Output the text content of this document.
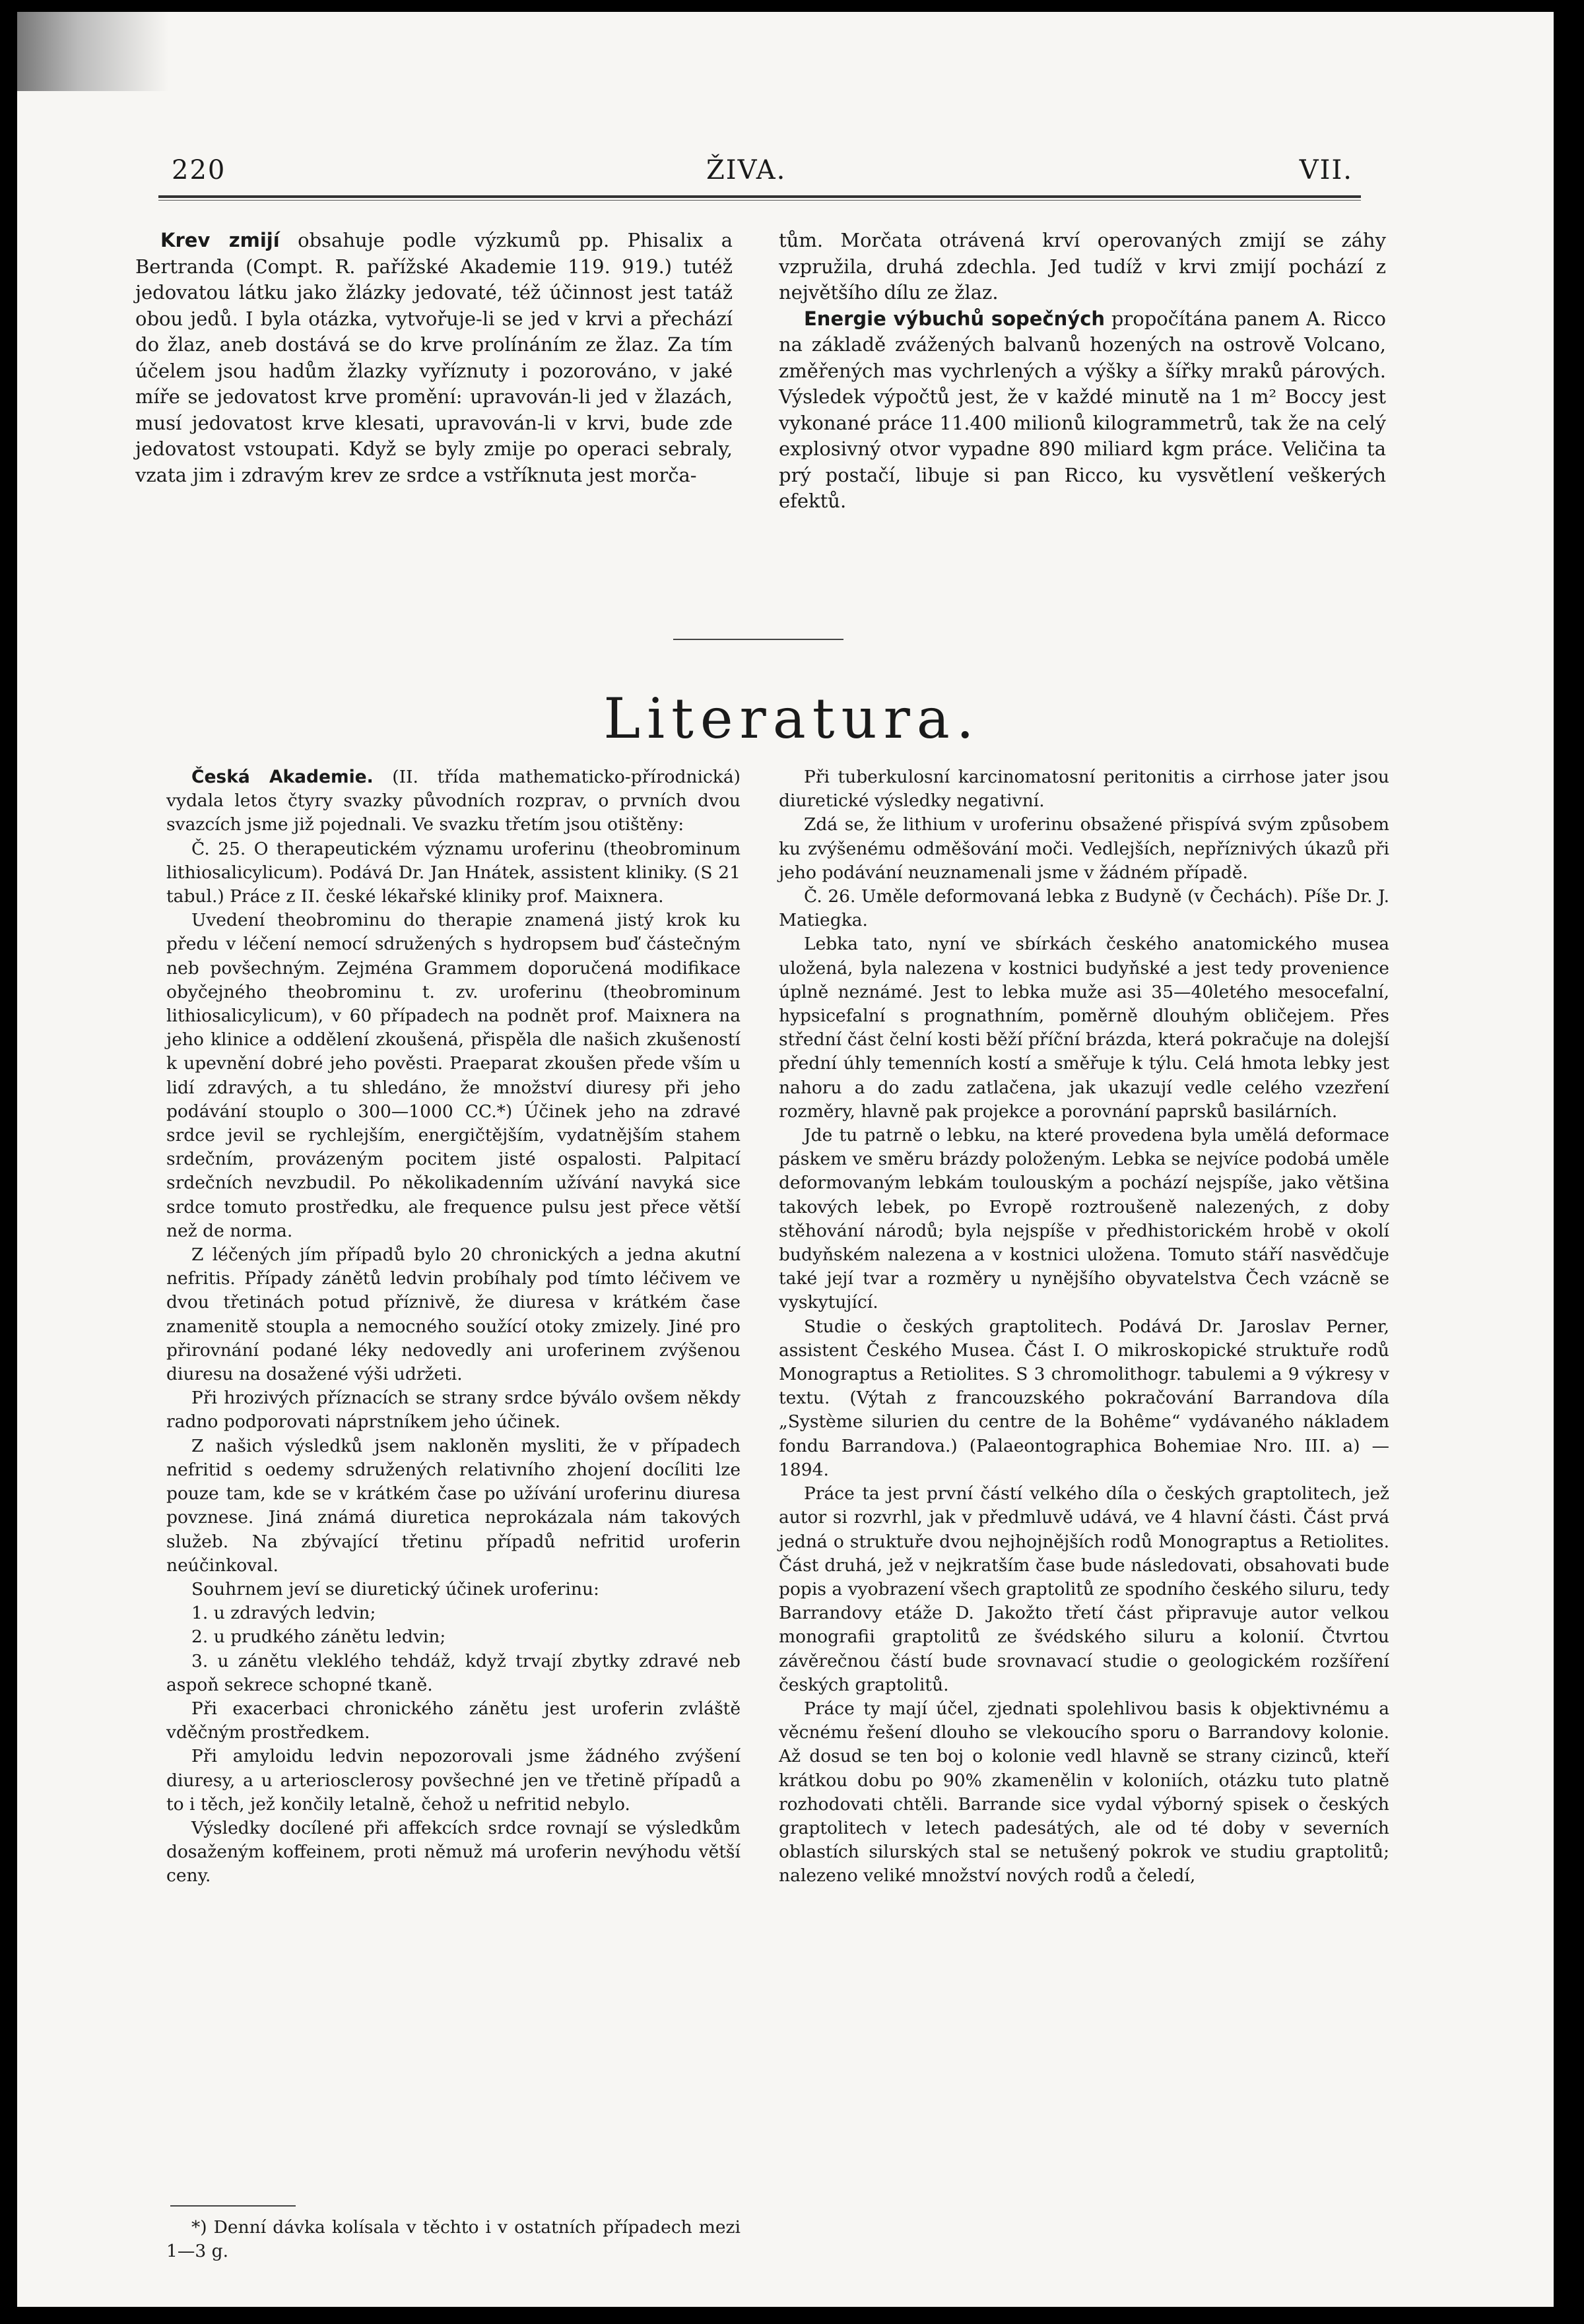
220	ŽIVA.	VII.

Krev zmijí obsahuje podle výzkumů pp. Phisalix a Bertranda (Compt. R. pařížské Akademie 119. 919.) tutéž jedovatou látku jako žlázky jedovaté, též účinnost jest tatáž obou jedů. I byla otázka, vytvořuje-li se jed v krvi a přechází do žlaz, aneb dostává se do krve prolínáním ze žlaz. Za tím účelem jsou hadům žlazky vyříznuty i pozorováno, v jaké míře se jedovatost krve promění: upravován-li jed v žlazách, musí jedovatost krve klesati, upravován-li v krvi, bude zde jedovatost vstoupati. Když se byly zmije po operaci sebraly, vzata jim i zdravým krev ze srdce a vstříknuta jest morča-

tům. Morčata otrávená krví operovaných zmijí se záhy vzpružila, druhá zdechla. Jed tudíž v krvi zmijí pochází z největšího dílu ze žlaz.

Energie výbuchů sopečných propočítána panem A. Ricco na základě zvážených balvanů hozených na ostrově Volcano, změřených mas vychrlených a výšky a šířky mraků párových. Výsledek výpočtů jest, že v každé minutě na 1 m² Boccy jest vykonané práce 11.400 milionů kilogrammetrů, tak že na celý explosivný otvor vypadne 890 miliard kgm práce. Veličina ta prý postačí, libuje si pan Ricco, ku vysvětlení veškerých efektů.

Literatura.

Česká Akademie. (II. třída mathematicko-přírodnická) vydala letos čtyry svazky původních rozprav, o prvních dvou svazcích jsme již pojednali. Ve svazku třetím jsou otištěny:

Č. 25. O therapeutickém významu uroferinu (theobrominum lithiosalicylicum). Podává Dr. Jan Hnátek, assistent kliniky. (S 21 tabul.) Práce z II. české lékařské kliniky prof. Maixnera.

Uvedení theobrominu do therapie znamená jistý krok ku předu v léčení nemocí sdružených s hydropsem buď částečným neb povšechným. Zejména Grammem doporučená modifikace obyčejného theobrominu t. zv. uroferinu (theobrominum lithiosalicylicum), v 60 případech na podnět prof. Maixnera na jeho klinice a oddělení zkoušená, přispěla dle našich zkušeností k upevnění dobré jeho pověsti. Praeparat zkoušen přede vším u lidí zdravých, a tu shledáno, že množství diuresy při jeho podávání stouplo o 300—1000 CC.*) Účinek jeho na zdravé srdce jevil se rychlejším, energičtějším, vydatnějším stahem srdečním, provázeným pocitem jisté ospalosti. Palpitací srdečních nevzbudil. Po několikadenním užívání navyká sice srdce tomuto prostředku, ale frequence pulsu jest přece větší než de norma.

Z léčených jím případů bylo 20 chronických a jedna akutní nefritis. Případy zánětů ledvin probíhaly pod tímto léčivem ve dvou třetinách potud příznivě, že diuresa v krátkém čase znamenitě stoupla a nemocného soužící otoky zmizely. Jiné pro přirovnání podané léky nedovedly ani uroferinem zvýšenou diuresu na dosažené výši udržeti.

Při hrozivých příznacích se strany srdce býválo ovšem někdy radno podporovati náprstníkem jeho účinek.

Z našich výsledků jsem nakloněn mysliti, že v případech nefritid s oedemy sdružených relativního zhojení docíliti lze pouze tam, kde se v krátkém čase po užívání uroferinu diuresa povznese. Jiná známá diuretica neprokázala nám takových služeb. Na zbývající třetinu případů nefritid uroferin neúčinkoval.

Souhrnem jeví se diuretický účinek uroferinu:

1. u zdravých ledvin;

2. u prudkého zánětu ledvin;

3. u zánětu vleklého tehdáž, když trvají zbytky zdravé neb aspoň sekrece schopné tkaně.

Při exacerbaci chronického zánětu jest uroferin zvláště vděčným prostředkem.

Při amyloidu ledvin nepozorovali jsme žádného zvýšení diuresy, a u arteriosclerosy povšechné jen ve třetině případů a to i těch, jež končily letalně, čehož u nefritid nebylo.

Výsledky docílené při affekcích srdce rovnají se výsledkům dosaženým koffeinem, proti němuž má uroferin nevýhodu větší ceny.

*) Denní dávka kolísala v těchto i v ostatních případech mezi 1—3 g.

Při tuberkulosní karcinomatosní peritonitis a cirrhose jater jsou diuretické výsledky negativní.

Zdá se, že lithium v uroferinu obsažené přispívá svým způsobem ku zvýšenému odměšování moči. Vedlejších, nepříznivých úkazů při jeho podávání neuznamenali jsme v žádném případě.

Č. 26. Uměle deformovaná lebka z Budyně (v Čechách). Píše Dr. J. Matiegka.

Lebka tato, nyní ve sbírkách českého anatomického musea uložená, byla nalezena v kostnici budyňské a jest tedy provenience úplně neznámé. Jest to lebka muže asi 35—40letého mesocefalní, hypsicefalní s prognathním, poměrně dlouhým obličejem. Přes střední část čelní kosti běží příční brázda, která pokračuje na dolejší přední úhly temenních kostí a směřuje k týlu. Celá hmota lebky jest nahoru a do zadu zatlačena, jak ukazují vedle celého vzezření rozměry, hlavně pak projekce a porovnání paprsků basilárních.

Jde tu patrně o lebku, na které provedena byla umělá deformace páskem ve směru brázdy položeným. Lebka se nejvíce podobá uměle deformovaným lebkám toulouským a pochází nejspíše, jako většina takových lebek, po Evropě roztroušeně nalezených, z doby stěhování národů; byla nejspíše v předhistorickém hrobě v okolí budyňském nalezena a v kostnici uložena. Tomuto stáří nasvědčuje také její tvar a rozměry u nynějšího obyvatelstva Čech vzácně se vyskytující.

Studie o českých graptolitech. Podává Dr. Jaroslav Perner, assistent Českého Musea. Část I. O mikroskopické struktuře rodů Monograptus a Retiolites. S 3 chromolithogr. tabulemi a 9 výkresy v textu. (Výtah z francouzského pokračování Barrandova díla „Système silurien du centre de la Bohême“ vydávaného nákladem fondu Barrandova.) (Palaeontographica Bohemiae Nro. III. a) — 1894.

Práce ta jest první částí velkého díla o českých graptolitech, jež autor si rozvrhl, jak v předmluvě udává, ve 4 hlavní části. Část prvá jedná o struktuře dvou nejhojnějších rodů Monograptus a Retiolites. Část druhá, jež v nejkratším čase bude následovati, obsahovati bude popis a vyobrazení všech graptolitů ze spodního českého siluru, tedy Barrandovy etáže D. Jakožto třetí část připravuje autor velkou monografii graptolitů ze švédského siluru a kolonií. Čtvrtou závěrečnou částí bude srovnavací studie o geologickém rozšíření českých graptolitů.

Práce ty mají účel, zjednati spolehlivou basis k objektivnému a věcnému řešení dlouho se vlekoucího sporu o Barrandovy kolonie. Až dosud se ten boj o kolonie vedl hlavně se strany cizinců, kteří krátkou dobu po 90% zkamenělin v koloniích, otázku tuto platně rozhodovati chtěli. Barrande sice vydal výborný spisek o českých graptolitech v letech padesátých, ale od té doby v severních oblastích silurských stal se netušený pokrok ve studiu graptolitů; nalezeno veliké množství nových rodů a čeledí,
